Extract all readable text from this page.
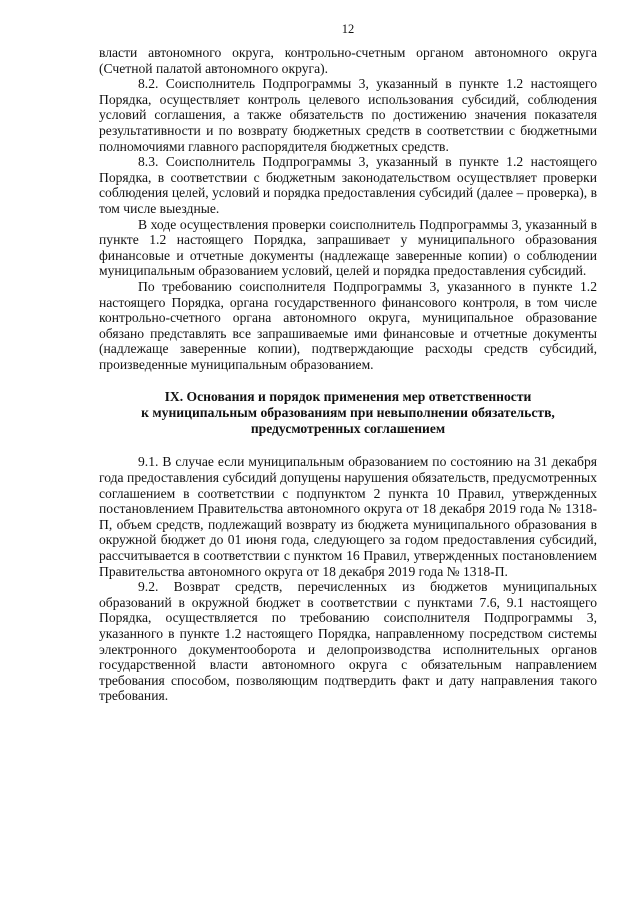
12

власти автономного округа, контрольно-счетным органом автономного округа (Счетной палатой автономного округа).

8.2. Соисполнитель Подпрограммы 3, указанный в пункте 1.2 настоящего Порядка, осуществляет контроль целевого использования субсидий, соблюдения условий соглашения, а также обязательств по достижению значения показателя результативности и по возврату бюджетных средств в соответствии с бюджетными полномочиями главного распорядителя бюджетных средств.

8.3. Соисполнитель Подпрограммы 3, указанный в пункте 1.2 настоящего Порядка, в соответствии с бюджетным законодательством осуществляет проверки соблюдения целей, условий и порядка предоставления субсидий (далее – проверка), в том числе выездные.

В ходе осуществления проверки соисполнитель Подпрограммы 3, указанный в пункте 1.2 настоящего Порядка, запрашивает у муниципального образования финансовые и отчетные документы (надлежаще заверенные копии) о соблюдении муниципальным образованием условий, целей и порядка предоставления субсидий.

По требованию соисполнителя Подпрограммы 3, указанного в пункте 1.2 настоящего Порядка, органа государственного финансового контроля, в том числе контрольно-счетного органа автономного округа, муниципальное образование обязано представлять все запрашиваемые ими финансовые и отчетные документы (надлежаще заверенные копии), подтверждающие расходы средств субсидий, произведенные муниципальным образованием.

IX. Основания и порядок применения мер ответственности
к муниципальным образованиям при невыполнении обязательств,
предусмотренных соглашением

9.1. В случае если муниципальным образованием по состоянию на 31 декабря года предоставления субсидий допущены нарушения обязательств, предусмотренных соглашением в соответствии с подпунктом 2 пункта 10 Правил, утвержденных постановлением Правительства автономного округа от 18 декабря 2019 года № 1318-П, объем средств, подлежащий возврату из бюджета муниципального образования в окружной бюджет до 01 июня года, следующего за годом предоставления субсидий, рассчитывается в соответствии с пунктом 16 Правил, утвержденных постановлением Правительства автономного округа от 18 декабря 2019 года № 1318-П.

9.2. Возврат средств, перечисленных из бюджетов муниципальных образований в окружной бюджет в соответствии с пунктами 7.6, 9.1 настоящего Порядка, осуществляется по требованию соисполнителя Подпрограммы 3, указанного в пункте 1.2 настоящего Порядка, направленному посредством системы электронного документооборота и делопроизводства исполнительных органов государственной власти автономного округа с обязательным направлением требования способом, позволяющим подтвердить факт и дату направления такого требования.
